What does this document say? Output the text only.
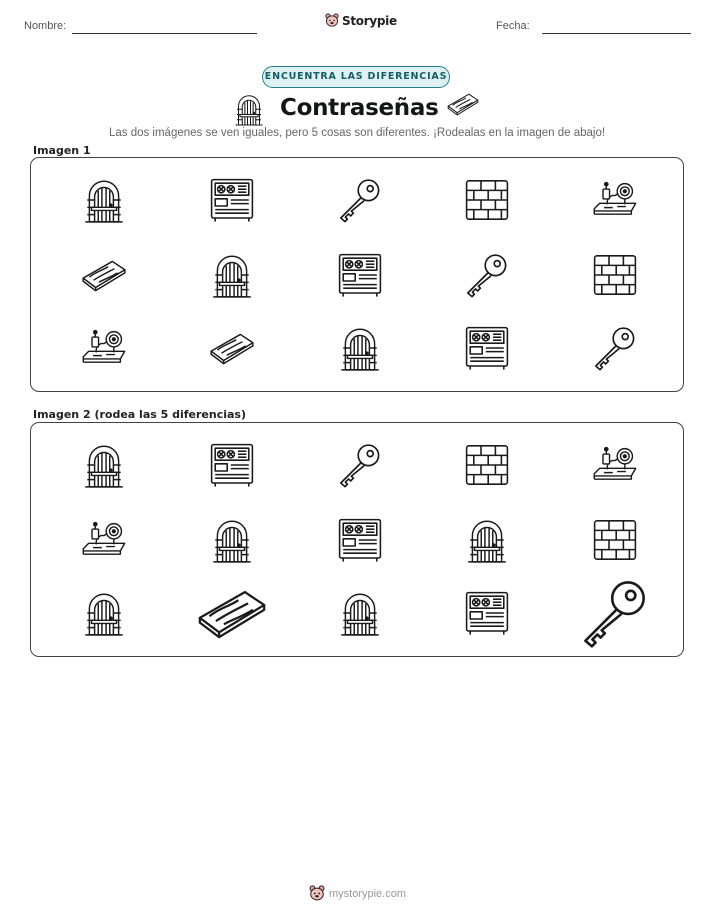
Nombre:	Storypie	Fecha:
ENCUENTRA LAS DIFERENCIAS
Contraseñas
Las dos imágenes se ven iguales, pero 5 cosas son diferentes. ¡Rodealas en la imagen de abajo!
Imagen 1
Imagen 2 (rodea las 5 diferencias)
mystorypie.com
